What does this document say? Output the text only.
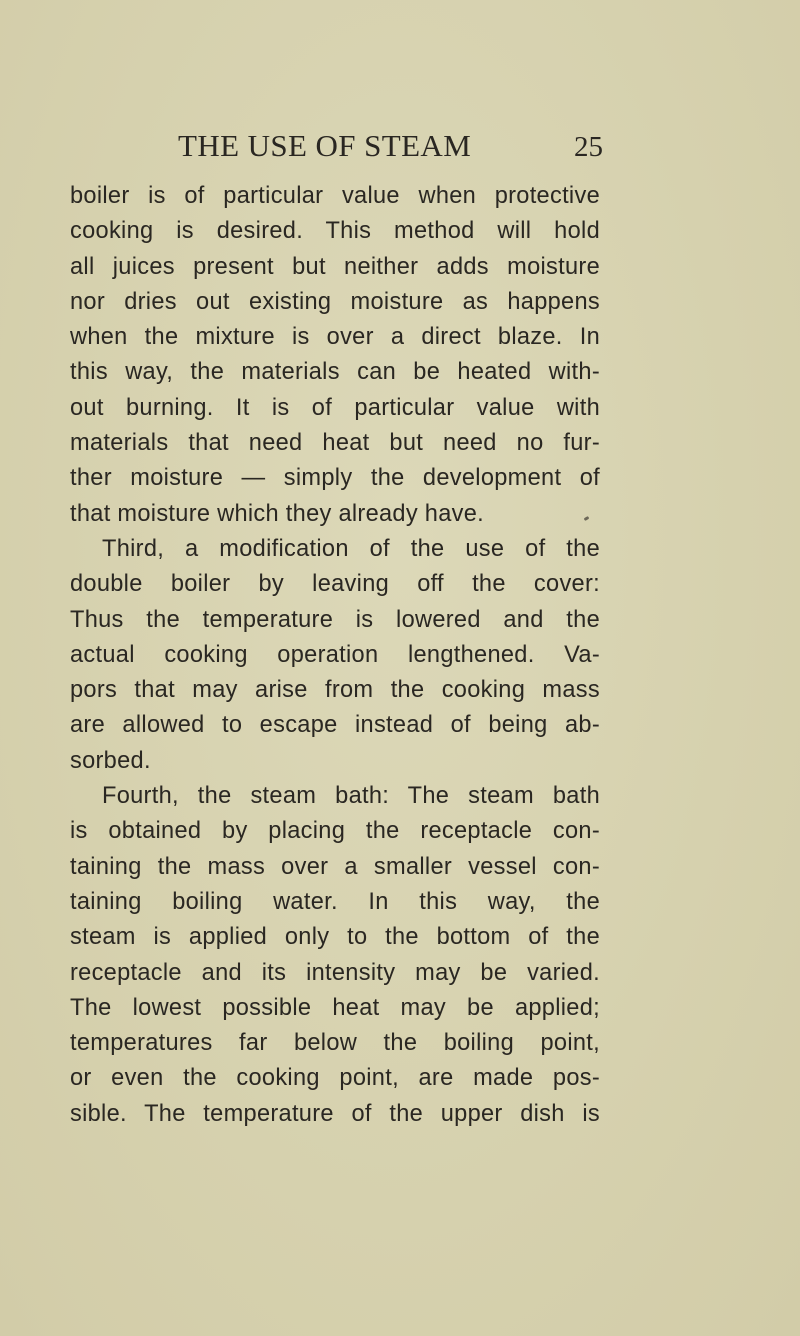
THE USE OF STEAM	25
boiler is of particular value when protective
cooking is desired. This method will hold
all juices present but neither adds moisture
nor dries out existing moisture as happens
when the mixture is over a direct blaze. In
this way, the materials can be heated with-
out burning. It is of particular value with
materials that need heat but need no fur-
ther moisture — simply the development of
that moisture which they already have.
Third, a modification of the use of the
double boiler by leaving off the cover:
Thus the temperature is lowered and the
actual cooking operation lengthened. Va-
pors that may arise from the cooking mass
are allowed to escape instead of being ab-
sorbed.
Fourth, the steam bath: The steam bath
is obtained by placing the receptacle con-
taining the mass over a smaller vessel con-
taining boiling water. In this way, the
steam is applied only to the bottom of the
receptacle and its intensity may be varied.
The lowest possible heat may be applied;
temperatures far below the boiling point,
or even the cooking point, are made pos-
sible. The temperature of the upper dish is
